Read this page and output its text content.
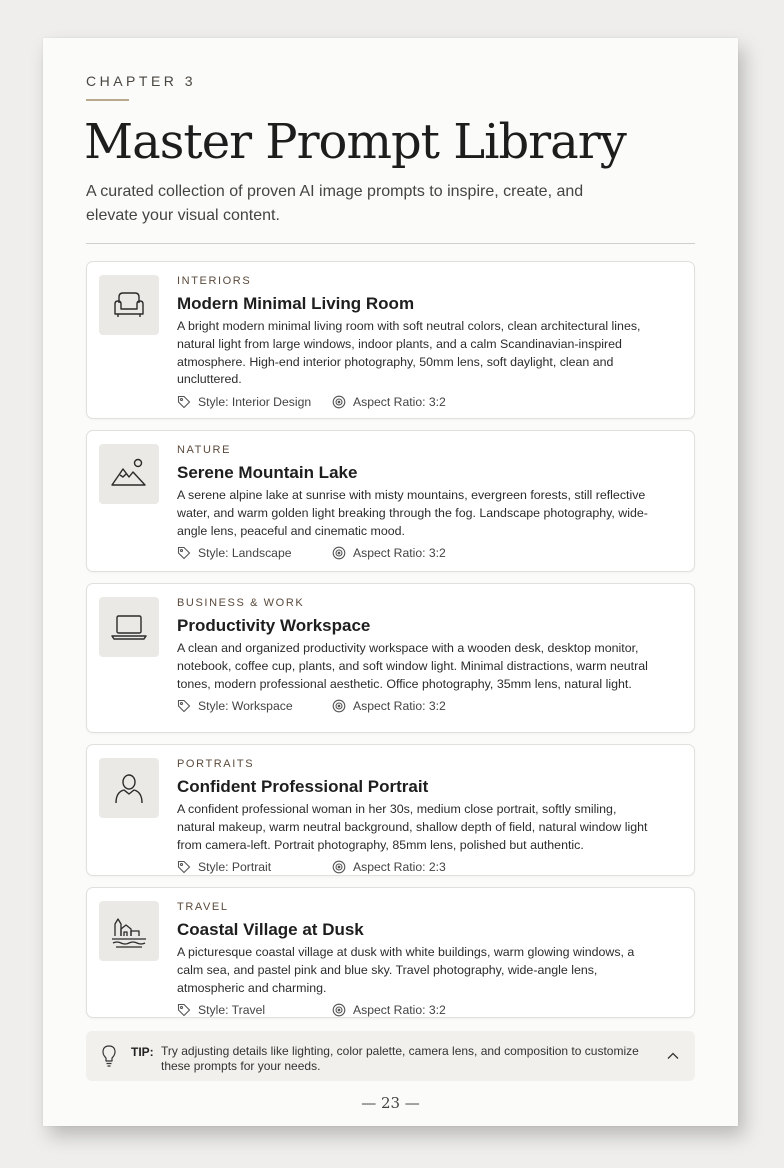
CHAPTER 3
Master Prompt Library

A curated collection of proven AI image prompts to inspire, create, and elevate your visual content.

INTERIORS
Modern Minimal Living Room
A bright modern minimal living room with soft neutral colors, clean architectural lines, natural light from large windows, indoor plants, and a calm Scandinavian-inspired atmosphere. High-end interior photography, 50mm lens, soft daylight, clean and uncluttered.
Style: Interior Design	Aspect Ratio: 3:2
NATURE
Serene Mountain Lake
A serene alpine lake at sunrise with misty mountains, evergreen forests, still reflective water, and warm golden light breaking through the fog. Landscape photography, wide-angle lens, peaceful and cinematic mood.
Style: Landscape	Aspect Ratio: 3:2
BUSINESS & WORK
Productivity Workspace
A clean and organized productivity workspace with a wooden desk, desktop monitor, notebook, coffee cup, plants, and soft window light. Minimal distractions, warm neutral tones, modern professional aesthetic. Office photography, 35mm lens, natural light.
Style: Workspace	Aspect Ratio: 3:2
PORTRAITS
Confident Professional Portrait
A confident professional woman in her 30s, medium close portrait, softly smiling, natural makeup, warm neutral background, shallow depth of field, natural window light from camera-left. Portrait photography, 85mm lens, polished but authentic.
Style: Portrait	Aspect Ratio: 2:3
TRAVEL
Coastal Village at Dusk
A picturesque coastal village at dusk with white buildings, warm glowing windows, a calm sea, and pastel pink and blue sky. Travel photography, wide-angle lens, atmospheric and charming.
Style: Travel	Aspect Ratio: 3:2
TIP: Try adjusting details like lighting, color palette, camera lens, and composition to customize these prompts for your needs.
— 23 —
